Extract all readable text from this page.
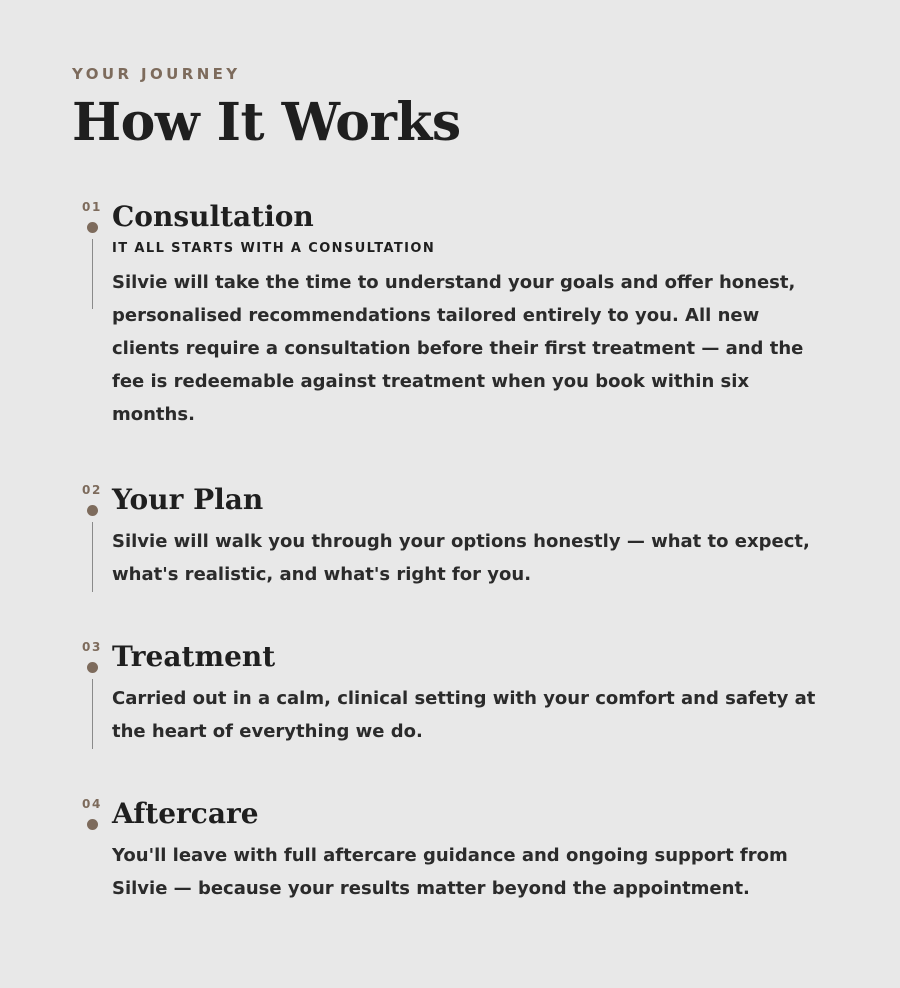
YOUR JOURNEY

How It Works
01 Consultation

IT ALL STARTS WITH A CONSULTATION

Silvie will take the time to understand your goals and offer honest, personalised recommendations tailored entirely to you. All new clients require a consultation before their first treatment — and the fee is redeemable against treatment when you book within six months.

02 Your Plan

Silvie will walk you through your options honestly — what to expect, what's realistic, and what's right for you.

03 Treatment

Carried out in a calm, clinical setting with your comfort and safety at the heart of everything we do.

04 Aftercare

You'll leave with full aftercare guidance and ongoing support from Silvie — because your results matter beyond the appointment.
